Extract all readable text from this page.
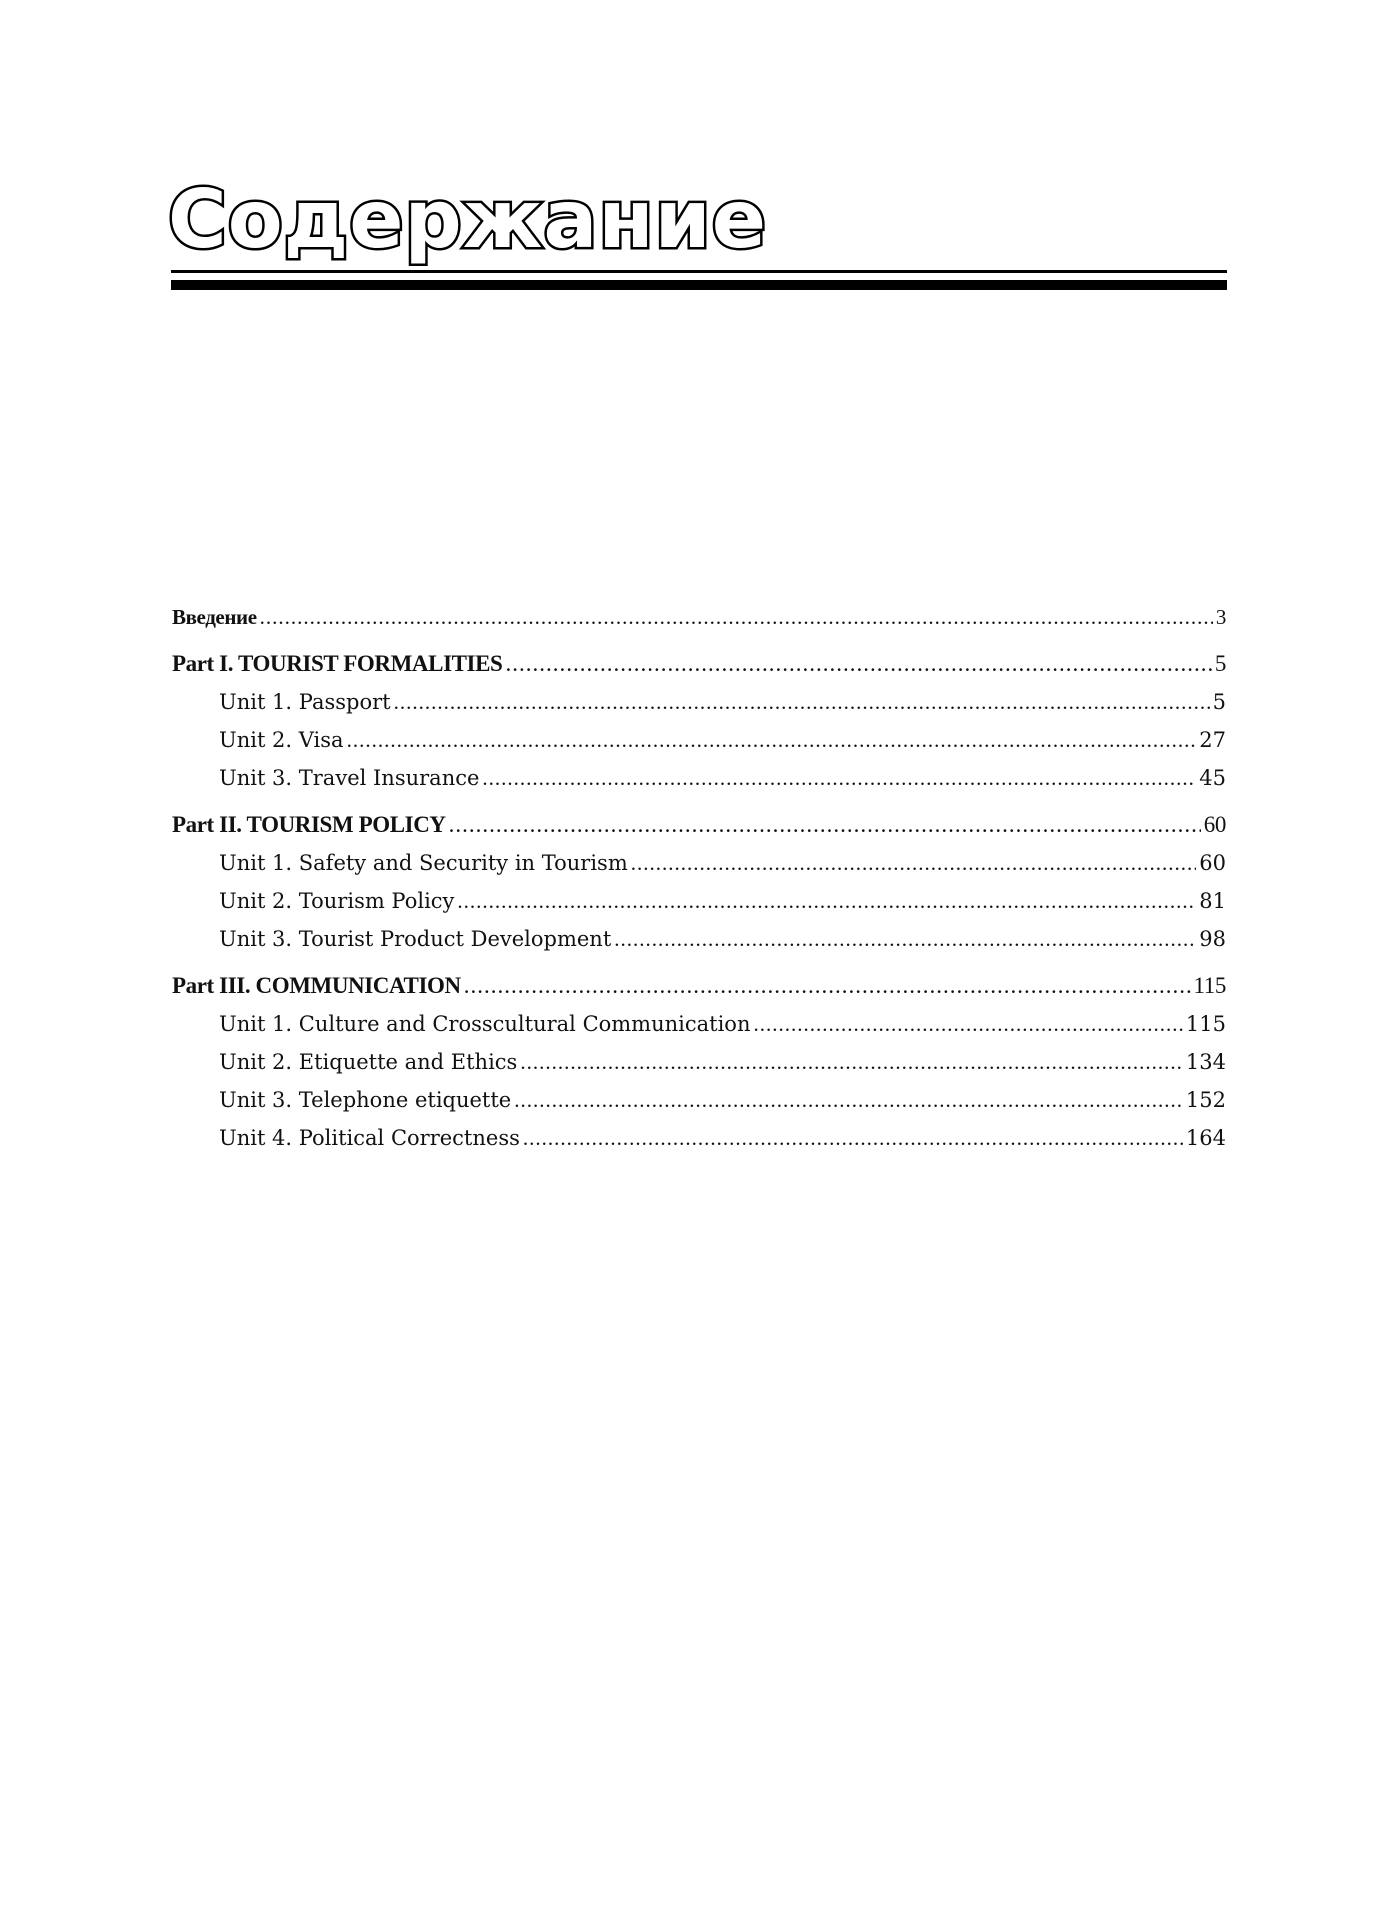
Содержание
Введение .....	3
Part I. TOURIST FORMALITIES .....	5
Unit 1. Passport .....	5
Unit 2. Visa .....	27
Unit 3. Travel Insurance .....	45
Part II. TOURISM POLICY .....	60
Unit 1. Safety and Security in Tourism .....	60
Unit 2. Tourism Policy .....	81
Unit 3. Tourist Product Development .....	98
Part III. COMMUNICATION .....	115
Unit 1. Culture and Crosscultural Communication .....	115
Unit 2. Etiquette and Ethics .....	134
Unit 3. Telephone etiquette .....	152
Unit 4. Political Correctness .....	164
